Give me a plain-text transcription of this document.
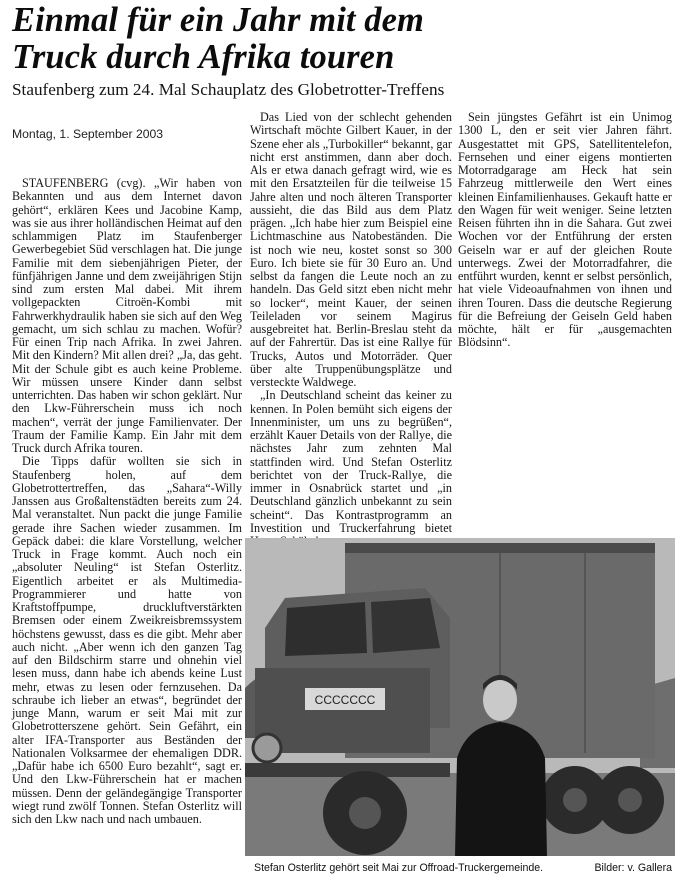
Einmal für ein Jahr mit dem
Truck durch Afrika touren
Staufenberg zum 24. Mal Schauplatz des Globetrotter-Treffens
Montag, 1. September 2003

STAUFENBERG (cvg). „Wir haben von Bekannten und aus dem Internet davon gehört“, erklären Kees und Jacobine Kamp, was sie aus ihrer holländischen Heimat auf den schlammigen Platz im Staufenberger Gewerbegebiet Süd verschlagen hat. Die junge Familie mit dem siebenjährigen Pieter, der fünfjährigen Janne und dem zweijährigen Stijn sind zum ersten Mal dabei. Mit ihrem vollgepackten Citroën-Kombi mit Fahrwerkhydraulik haben sie sich auf den Weg gemacht, um sich schlau zu machen. Wofür? Für einen Trip nach Afrika. In zwei Jahren. Mit den Kindern? Mit allen drei? „Ja, das geht. Mit der Schule gibt es auch keine Probleme. Wir müssen unsere Kinder dann selbst unterrichten. Das haben wir schon geklärt. Nur den Lkw-Führerschein muss ich noch machen“, verrät der junge Familienvater. Der Traum der Familie Kamp. Ein Jahr mit dem Truck durch Afrika touren.

Die Tipps dafür wollten sie sich in Staufenberg holen, auf dem Globetrottertreffen, das „Sahara“-Willy Janssen aus Großaltenstädten bereits zum 24. Mal veranstaltet. Nun packt die junge Familie gerade ihre Sachen wieder zusammen. Im Gepäck dabei: die klare Vorstellung, welcher Truck in Frage kommt. Auch noch ein „absoluter Neuling“ ist Stefan Osterlitz. Eigentlich arbeitet er als Multimedia-Programmierer und hatte von Kraftstoffpumpe, druckluftverstärkten Bremsen oder einem Zweikreisbremssystem höchstens gewusst, dass es die gibt. Mehr aber auch nicht. „Aber wenn ich den ganzen Tag auf den Bildschirm starre und ohnehin viel lesen muss, dann habe ich abends keine Lust mehr, etwas zu lesen oder fernzusehen. Da schraube ich lieber an etwas“, begründet der junge Mann, warum er seit Mai mit zur Globetrotterszene gehört. Sein Gefährt, ein alter IFA-Transporter aus Beständen der Nationalen Volksarmee der ehemaligen DDR. „Dafür habe ich 6500 Euro bezahlt“, sagt er. Und den Lkw-Führerschein hat er machen müssen. Denn der geländegängige Transporter wiegt rund zwölf Tonnen. Stefan Osterlitz will sich den Lkw nach und nach umbauen.

Das Lied von der schlecht gehenden Wirtschaft möchte Gilbert Kauer, in der Szene eher als „Turbokiller“ bekannt, gar nicht erst anstimmen, dann aber doch. Als er etwa danach gefragt wird, wie es mit den Ersatzteilen für die teilweise 15 Jahre alten und noch älteren Transporter aussieht, die das Bild aus dem Platz prägen. „Ich habe hier zum Beispiel eine Lichtmaschine aus Natobeständen. Die ist noch wie neu, kostet sonst so 300 Euro. Ich biete sie für 30 Euro an. Und selbst da fangen die Leute noch an zu handeln. Das Geld sitzt eben nicht mehr so locker“, meint Kauer, der seinen Teileladen vor seinem Magirus ausgebreitet hat. Berlin-Breslau steht da auf der Fahrertür. Das ist eine Rallye für Trucks, Autos und Motorräder. Quer über alte Truppenübungsplätze und versteckte Waldwege.

„In Deutschland scheint das keiner zu kennen. In Polen bemüht sich eigens der Innenminister, um uns zu begrüßen“, erzählt Kauer Details von der Rallye, die nächstes Jahr zum zehnten Mal stattfinden wird. Und Stefan Osterlitz berichtet von der Truck-Rallye, die immer in Osnabrück startet und „in Deutschland gänzlich unbekannt zu sein scheint“. Das Kontrastprogramm an Investition und Truckerfahrung bietet

Sein jüngstes Gefährt ist ein Unimog 1300 L, den er seit vier Jahren fährt. Ausgestattet mit GPS, Satellitentelefon, Fernsehen und einer eigens montierten Motorradgarage am Heck hat sein Fahrzeug mittlerweile den Wert eines kleinen Einfamilienhauses. Gekauft hatte er den Wagen für weit weniger. Seine letzten Reisen führten ihn in die Sahara. Gut zwei Wochen vor der Entführung der ersten Geiseln war er auf der gleichen Route unterwegs. Zwei der Motorradfahrer, die entführt wurden, kennt er selbst persönlich, hat viele Videoaufnahmen von ihnen und ihren Touren. Dass die deutsche Regierung für die Befreiung der Geiseln Geld haben möchte, hält er für „ausgemachten Blödsinn“.

ССССССС
Stefan Osterlitz gehört seit Mai zur Offroad-Truckergemeinde.	Bilder: v. Gallera
